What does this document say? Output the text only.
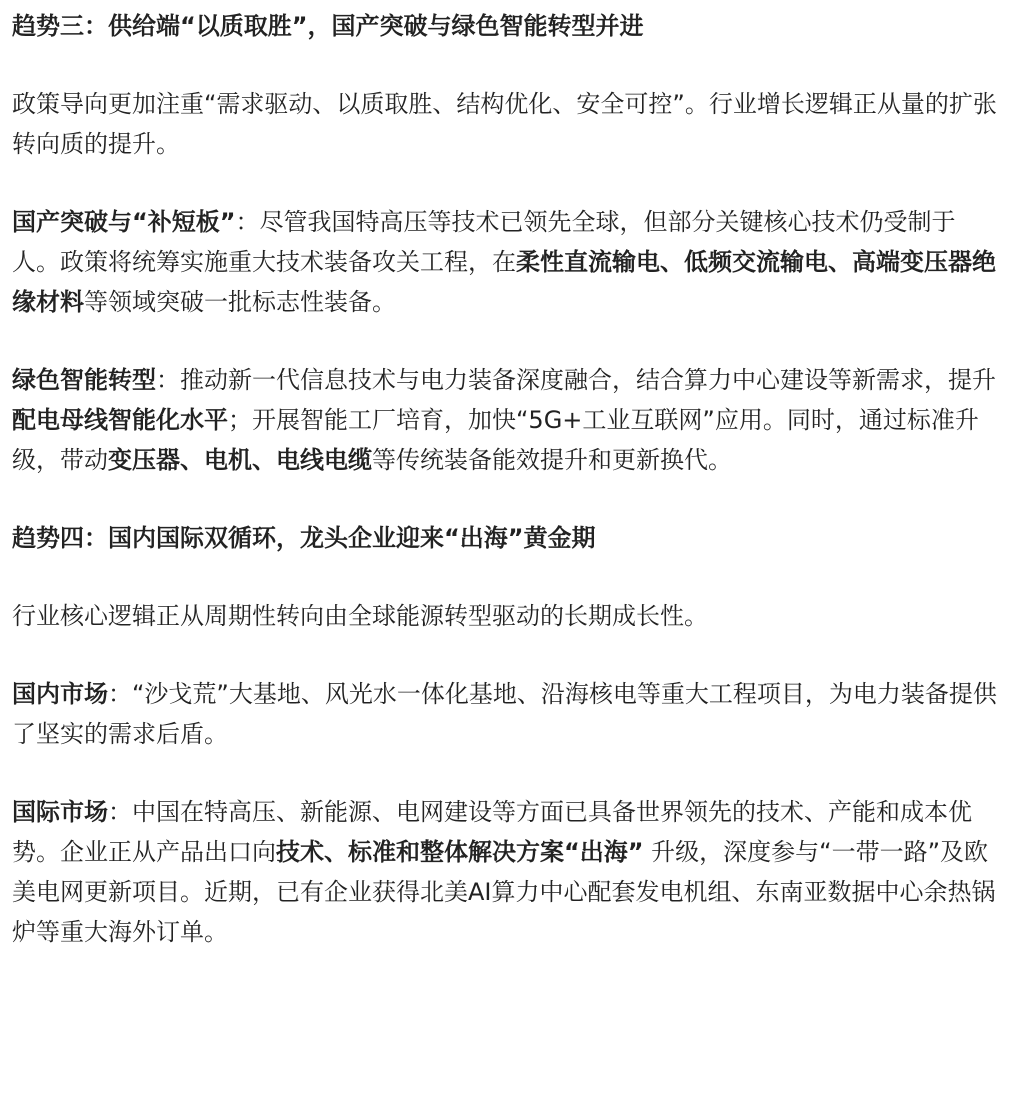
趋势三：供给端“以质取胜”，国产突破与绿色智能转型并进

政策导向更加注重“需求驱动、以质取胜、结构优化、安全可控”。行业增长逻辑正从量的扩张转向质的提升。

国产突破与“补短板”：尽管我国特高压等技术已领先全球，但部分关键核心技术仍受制于人。政策将统筹实施重大技术装备攻关工程，在柔性直流输电、低频交流输电、高端变压器绝缘材料等领域突破一批标志性装备。

绿色智能转型：推动新一代信息技术与电力装备深度融合，结合算力中心建设等新需求，提升配电母线智能化水平；开展智能工厂培育，加快“5G+工业互联网”应用。同时，通过标准升级，带动变压器、电机、电线电缆等传统装备能效提升和更新换代。

趋势四：国内国际双循环，龙头企业迎来“出海”黄金期

行业核心逻辑正从周期性转向由全球能源转型驱动的长期成长性。

国内市场：“沙戈荒”大基地、风光水一体化基地、沿海核电等重大工程项目，为电力装备提供了坚实的需求后盾。

国际市场：中国在特高压、新能源、电网建设等方面已具备世界领先的技术、产能和成本优势。企业正从产品出口向技术、标准和整体解决方案“出海” 升级，深度参与“一带一路”及欧美电网更新项目。近期，已有企业获得北美AI算力中心配套发电机组、东南亚数据中心余热锅炉等重大海外订单。
